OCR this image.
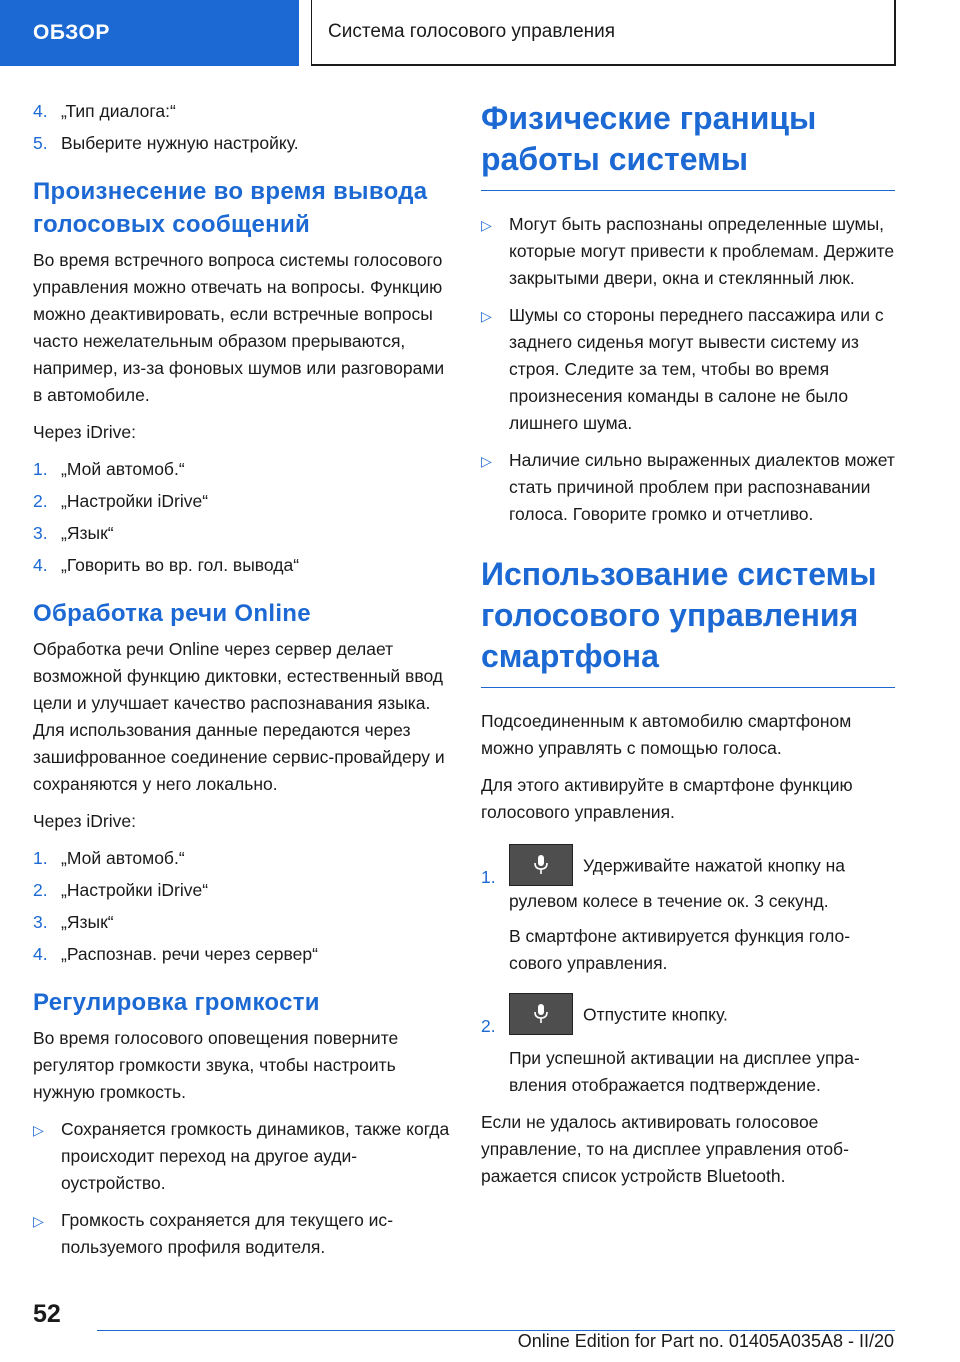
ОБЗОР	Система голосового управления
4. „Тип диалога:“
5. Выберите нужную настройку.
Произнесение во время вывода голосовых сообщений

Во время встречного вопроса системы голосового управления можно отвечать на вопросы. Функцию можно деактивировать, если встречные вопросы часто нежелательным образом прерываются, например, из-за фоновых шумов или разговорами в автомобиле.

Через iDrive:

1. „Мой автомоб.“
2. „Настройки iDrive“
3. „Язык“
4. „Говорить во вр. гол. вывода“
Обработка речи Online

Обработка речи Online через сервер делает возможной функцию диктовки, естественный ввод цели и улучшает качество распознавания языка. Для использования данные передаются через зашифрованное соединение сервис-провайдеру и сохраняются у него локально.

Через iDrive:

1. „Мой автомоб.“
2. „Настройки iDrive“
3. „Язык“
4. „Распознав. речи через сервер“
Регулировка громкости

Во время голосового оповещения поверните регулятор громкости звука, чтобы настроить нужную громкость.

▷ Сохраняется громкость динамиков, также когда происходит переход на другое аудиоустройство.
▷ Громкость сохраняется для текущего используемого профиля водителя.
Физические границы работы системы
▷ Могут быть распознаны определенные шумы, которые могут привести к проблемам. Держите закрытыми двери, окна и стеклянный люк.
▷ Шумы со стороны переднего пассажира или с заднего сиденья могут вывести систему из строя. Следите за тем, чтобы во время произнесения команды в салоне не было лишнего шума.
▷ Наличие сильно выраженных диалектов может стать причиной проблем при распознавании голоса. Говорите громко и отчетливо.
Использование системы голосового управления смартфона

Подсоединенным к автомобилю смартфоном можно управлять с помощью голоса.

Для этого активируйте в смартфоне функцию голосового управления.

1.
Удерживайте нажатой кнопку на рулевом колесе в течение ок. 3 секунд.
В смартфоне активируется функция голосового управления.
2.
Отпустите кнопку.
При успешной активации на дисплее управления отображается подтверждение.

Если не удалось активировать голосовое управление, то на дисплее управления отображается список устройств Bluetooth.

52
Online Edition for Part no. 01405A035A8 - II/20
